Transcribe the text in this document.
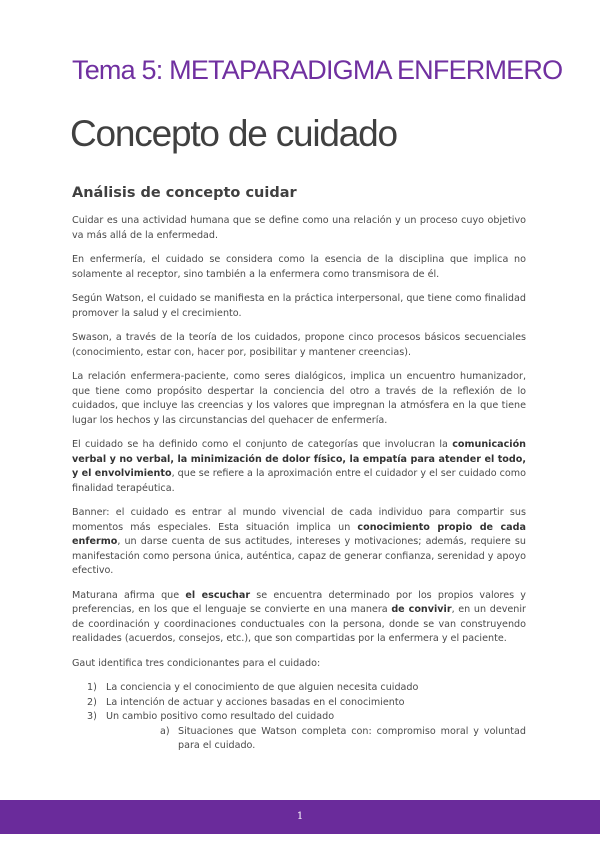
Tema 5: METAPARADIGMA ENFERMERO
Concepto de cuidado
Análisis de concepto cuidar

Cuidar es una actividad humana que se define como una relación y un proceso cuyo objetivo va más allá de la enfermedad.

En enfermería, el cuidado se considera como la esencia de la disciplina que implica no solamente al receptor, sino también a la enfermera como transmisora de él.

Según Watson, el cuidado se manifiesta en la práctica interpersonal, que tiene como finalidad promover la salud y el crecimiento.

Swason, a través de la teoría de los cuidados, propone cinco procesos básicos secuenciales (conocimiento, estar con, hacer por, posibilitar y mantener creencias).

La relación enfermera-paciente, como seres dialógicos, implica un encuentro humanizador, que tiene como propósito despertar la conciencia del otro a través de la reflexión de lo cuidados, que incluye las creencias y los valores que impregnan la atmósfera en la que tiene lugar los hechos y las circunstancias del quehacer de enfermería.

El cuidado se ha definido como el conjunto de categorías que involucran la comunicación verbal y no verbal, la minimización de dolor físico, la empatía para atender el todo, y el envolvimiento, que se refiere a la aproximación entre el cuidador y el ser cuidado como finalidad terapéutica.

Banner: el cuidado es entrar al mundo vivencial de cada individuo para compartir sus momentos más especiales. Esta situación implica un conocimiento propio de cada enfermo, un darse cuenta de sus actitudes, intereses y motivaciones; además, requiere su manifestación como persona única, auténtica, capaz de generar confianza, serenidad y apoyo efectivo.

Maturana afirma que el escuchar se encuentra determinado por los propios valores y preferencias, en los que el lenguaje se convierte en una manera de convivir, en un devenir de coordinación y coordinaciones conductuales con la persona, donde se van construyendo realidades (acuerdos, consejos, etc.), que son compartidas por la enfermera y el paciente.

Gaut identifica tres condicionantes para el cuidado:

1) La conciencia y el conocimiento de que alguien necesita cuidado
2) La intención de actuar y acciones basadas en el conocimiento
3) Un cambio positivo como resultado del cuidado
a) Situaciones que Watson completa con: compromiso moral y voluntad para el cuidado.
1
